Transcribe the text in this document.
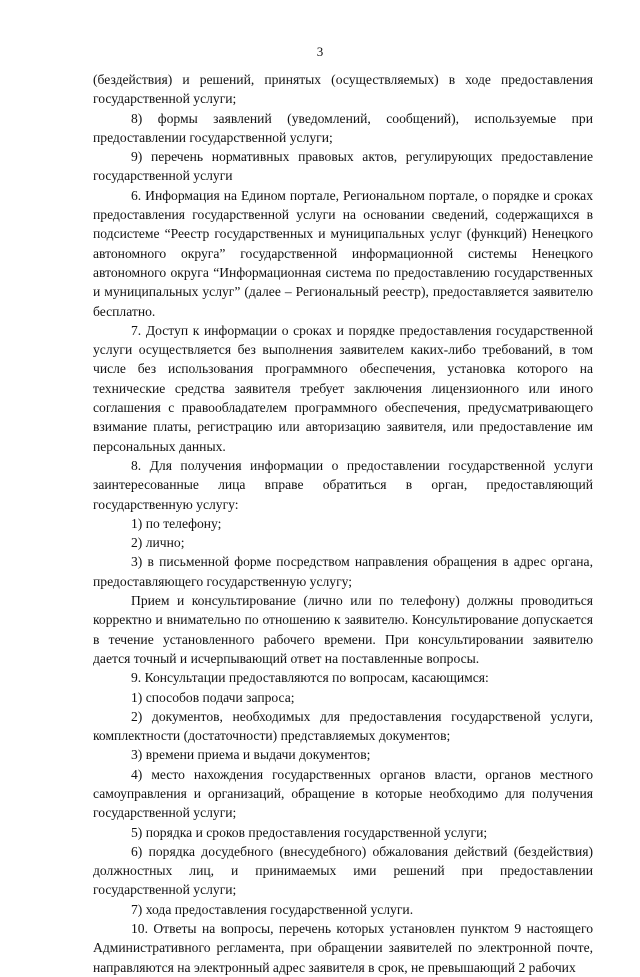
3

(бездействия) и решений, принятых (осуществляемых) в ходе предоставления государственной услуги;

8) формы заявлений (уведомлений, сообщений), используемые при предоставлении государственной услуги;

9) перечень нормативных правовых актов, регулирующих предоставление государственной услуги

6. Информация на Едином портале, Региональном портале, о порядке и сроках предоставления государственной услуги на основании сведений, содержащихся в подсистеме “Реестр государственных и муниципальных услуг (функций) Ненецкого автономного округа” государственной информационной системы Ненецкого автономного округа “Информационная система по предоставлению государственных и муниципальных услуг” (далее – Региональный реестр), предоставляется заявителю бесплатно.

7. Доступ к информации о сроках и порядке предоставления государственной услуги осуществляется без выполнения заявителем каких-либо требований, в том числе без использования программного обеспечения, установка которого на технические средства заявителя требует заключения лицензионного или иного соглашения с правообладателем программного обеспечения, предусматривающего взимание платы, регистрацию или авторизацию заявителя, или предоставление им персональных данных.

8. Для получения информации о предоставлении государственной услуги заинтересованные лица вправе обратиться в орган, предоставляющий государственную услугу:

1) по телефону;

2) лично;

3) в письменной форме посредством направления обращения в адрес органа, предоставляющего государственную услугу;

Прием и консультирование (лично или по телефону) должны проводиться корректно и внимательно по отношению к заявителю. Консультирование допускается в течение установленного рабочего времени. При консультировании заявителю дается точный и исчерпывающий ответ на поставленные вопросы.

9. Консультации предоставляются по вопросам, касающимся:

1) способов подачи запроса;

2) документов, необходимых для предоставления государственой услуги, комплектности (достаточности) представляемых документов;

3) времени приема и выдачи документов;

4) место нахождения государственных органов власти, органов местного самоуправления и организаций, обращение в которые необходимо для получения государственной услуги;

5) порядка и сроков предоставления государственной услуги;

6) порядка досудебного (внесудебного) обжалования действий (бездействия) должностных лиц, и принимаемых ими решений при предоставлении государственной услуги;

7) хода предоставления государственной услуги.

10. Ответы на вопросы, перечень которых установлен пунктом 9 настоящего Административного регламента, при обращении заявителей по электронной почте, направляются на электронный адрес заявителя в срок, не превышающий 2 рабочих
